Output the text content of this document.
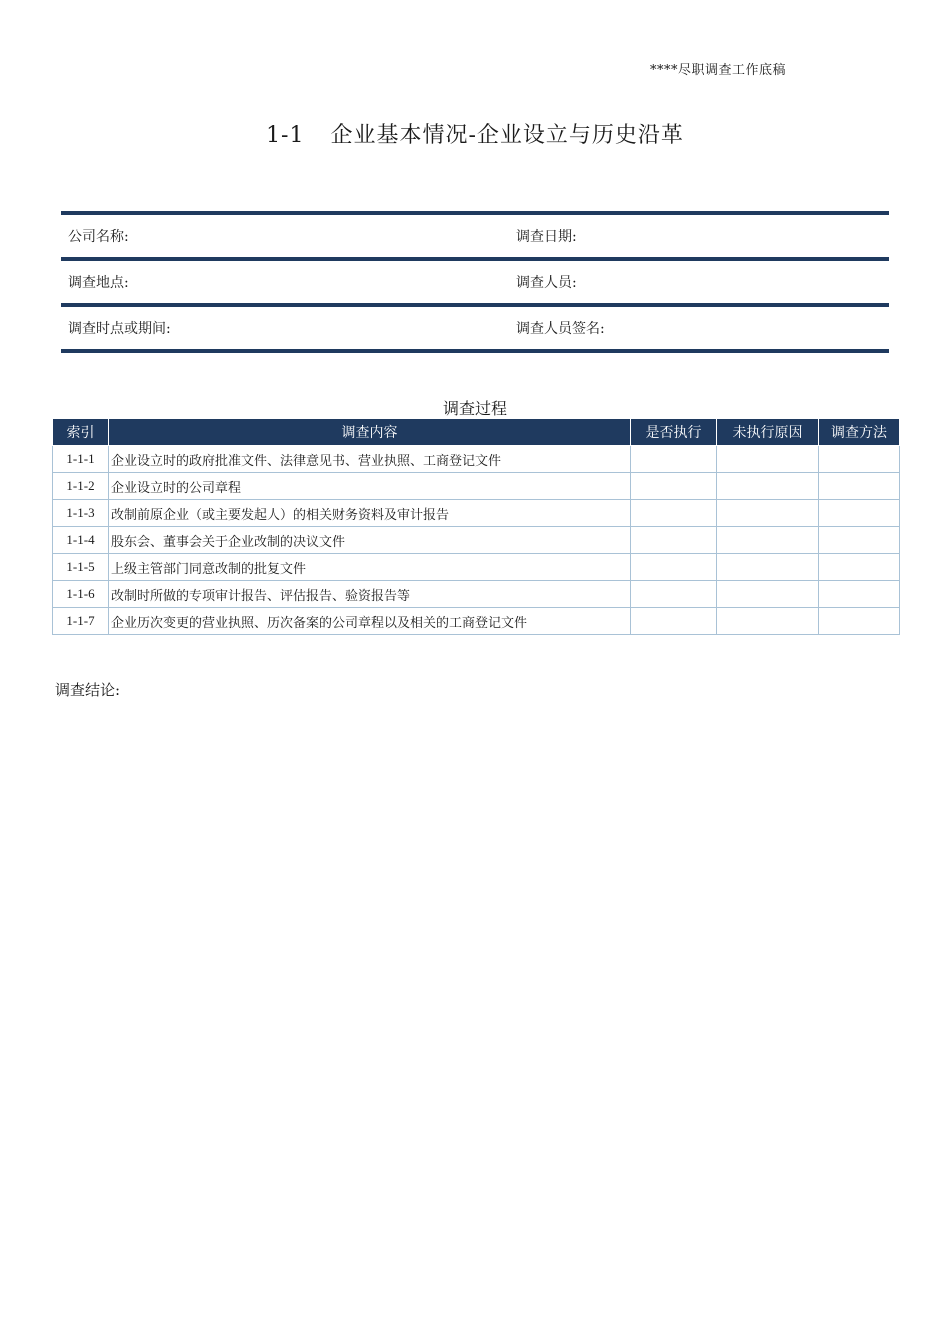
****尽职调查工作底稿
1-1 企业基本情况-企业设立与历史沿革
公司名称:	调查日期:
调查地点:	调查人员:
调查时点或期间:	调查人员签名:
调查过程
索引	调查内容	是否执行	未执行原因	调查方法
1-1-1	企业设立时的政府批准文件、法律意见书、营业执照、工商登记文件			
1-1-2	企业设立时的公司章程			
1-1-3	改制前原企业（或主要发起人）的相关财务资料及审计报告			
1-1-4	股东会、董事会关于企业改制的决议文件			
1-1-5	上级主管部门同意改制的批复文件			
1-1-6	改制时所做的专项审计报告、评估报告、验资报告等			
1-1-7	企业历次变更的营业执照、历次备案的公司章程以及相关的工商登记文件			
调查结论:
